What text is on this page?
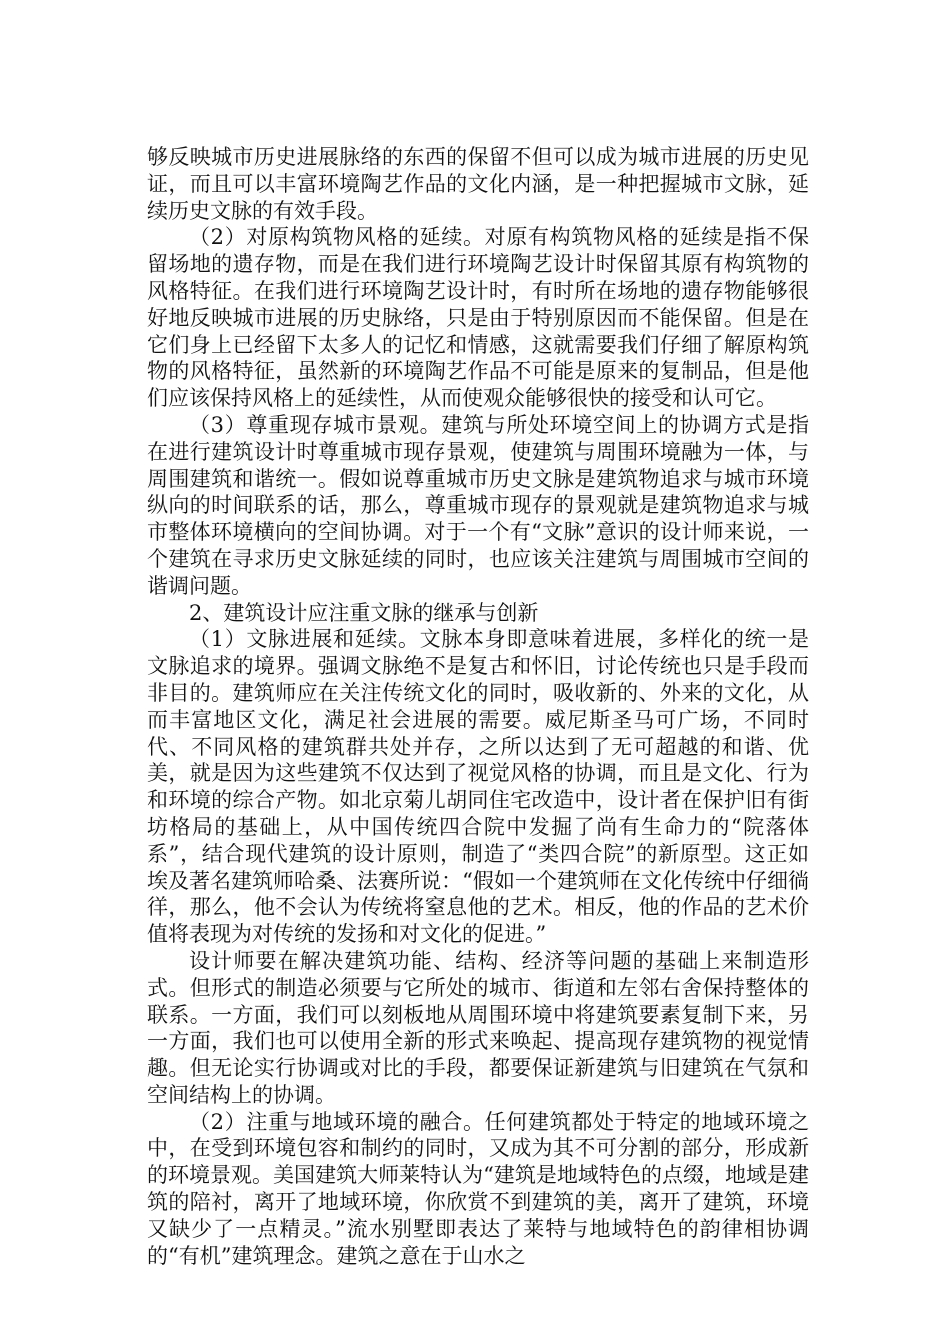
够反映城市历史进展脉络的东西的保留不但可以成为城市进展的历史见证，而且可以丰富环境陶艺作品的文化内涵，是一种把握城市文脉，延续历史文脉的有效手段。

（2）对原构筑物风格的延续。对原有构筑物风格的延续是指不保留场地的遗存物，而是在我们进行环境陶艺设计时保留其原有构筑物的风格特征。在我们进行环境陶艺设计时，有时所在场地的遗存物能够很好地反映城市进展的历史脉络，只是由于特别原因而不能保留。但是在它们身上已经留下太多人的记忆和情感，这就需要我们仔细了解原构筑物的风格特征，虽然新的环境陶艺作品不可能是原来的复制品，但是他们应该保持风格上的延续性，从而使观众能够很快的接受和认可它。

（3）尊重现存城市景观。建筑与所处环境空间上的协调方式是指在进行建筑设计时尊重城市现存景观，使建筑与周围环境融为一体，与周围建筑和谐统一。假如说尊重城市历史文脉是建筑物追求与城市环境纵向的时间联系的话，那么，尊重城市现存的景观就是建筑物追求与城市整体环境横向的空间协调。对于一个有“文脉”意识的设计师来说，一个建筑在寻求历史文脉延续的同时，也应该关注建筑与周围城市空间的谐调问题。

2、建筑设计应注重文脉的继承与创新

（1）文脉进展和延续。文脉本身即意味着进展，多样化的统一是文脉追求的境界。强调文脉绝不是复古和怀旧，讨论传统也只是手段而非目的。建筑师应在关注传统文化的同时，吸收新的、外来的文化，从而丰富地区文化，满足社会进展的需要。威尼斯圣马可广场，不同时代、不同风格的建筑群共处并存，之所以达到了无可超越的和谐、优美，就是因为这些建筑不仅达到了视觉风格的协调，而且是文化、行为和环境的综合产物。如北京菊儿胡同住宅改造中，设计者在保护旧有街坊格局的基础上，从中国传统四合院中发掘了尚有生命力的“院落体系”，结合现代建筑的设计原则，制造了“类四合院”的新原型。这正如埃及著名建筑师哈桑、法赛所说：“假如一个建筑师在文化传统中仔细徜徉，那么，他不会认为传统将窒息他的艺术。相反，他的作品的艺术价值将表现为对传统的发扬和对文化的促进。”

设计师要在解决建筑功能、结构、经济等问题的基础上来制造形式。但形式的制造必须要与它所处的城市、街道和左邻右舍保持整体的联系。一方面，我们可以刻板地从周围环境中将建筑要素复制下来，另一方面，我们也可以使用全新的形式来唤起、提高现存建筑物的视觉情趣。但无论实行协调或对比的手段，都要保证新建筑与旧建筑在气氛和空间结构上的协调。

（2）注重与地域环境的融合。任何建筑都处于特定的地域环境之中，在受到环境包容和制约的同时，又成为其不可分割的部分，形成新的环境景观。美国建筑大师莱特认为“建筑是地域特色的点缀，地域是建筑的陪衬，离开了地域环境，你欣赏不到建筑的美，离开了建筑，环境又缺少了一点精灵。”流水别墅即表达了莱特与地域特色的韵律相协调的“有机”建筑理念。建筑之意在于山水之
